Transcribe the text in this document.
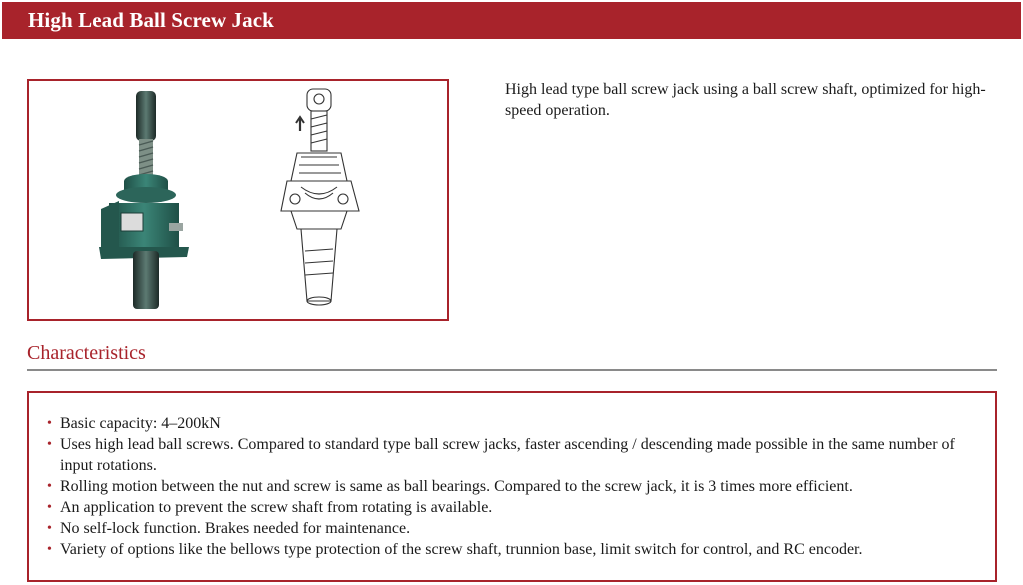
High Lead Ball Screw Jack
High lead type ball screw jack using a ball screw shaft, optimized for high-speed operation.
Characteristics
• Basic capacity: 4–200kN
• Uses high lead ball screws. Compared to standard type ball screw jacks, faster ascending / descending made possible in the same number of input rotations.
• Rolling motion between the nut and screw is same as ball bearings. Compared to the screw jack, it is 3 times more efficient.
• An application to prevent the screw shaft from rotating is available.
• No self-lock function. Brakes needed for maintenance.
• Variety of options like the bellows type protection of the screw shaft, trunnion base, limit switch for control, and RC encoder.
